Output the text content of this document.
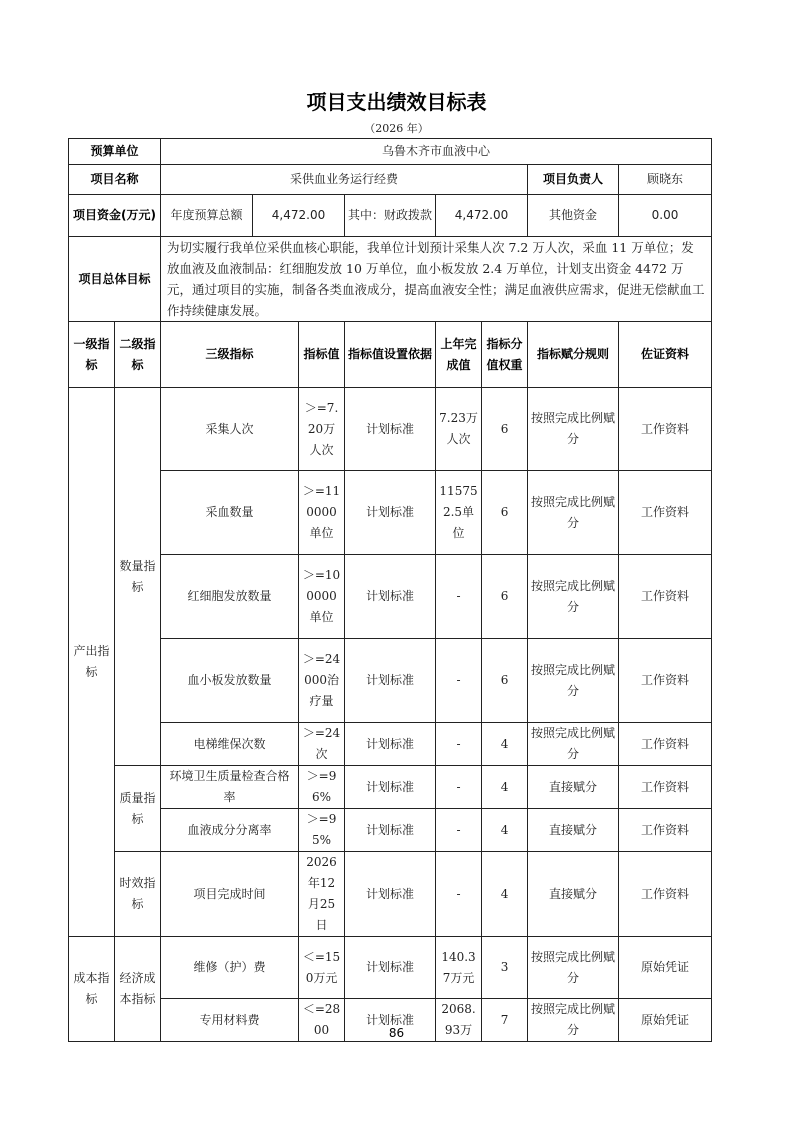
项目支出绩效目标表
（2026 年）
预算单位		乌鲁木齐市血液中心							
项目名称		采供血业务运行经费						项目负责人	顾晓东
项目资金(万元)		年度预算总额	4,472.00		其中：财政拨款	4,472.00		其他资金	0.00
项目总体目标		为切实履行我单位采供血核心职能，我单位计划预计采集人次 7.2 万人次，采血 11 万单位；发放血液及血液制品：红细胞发放 10 万单位，血小板发放 2.4 万单位，计划支出资金 4472 万元，通过项目的实施，制备各类血液成分，提高血液安全性；满足血液供应需求，促进无偿献血工作持续健康发展。							
一级指标	二级指标	三级指标		指标值	指标值设置依据	上年完成值	指标分值权重	指标赋分规则	佐证资料
产出指标	数量指标	采集人次		＞=7.20万人次	计划标准	7.23万人次	6	按照完成比例赋分	工作资料
		采血数量		＞=110000单位	计划标准	115752.5单位	6	按照完成比例赋分	工作资料
		红细胞发放数量		＞=100000单位	计划标准	-	6	按照完成比例赋分	工作资料
		血小板发放数量		＞=24000治疗量	计划标准	-	6	按照完成比例赋分	工作资料
		电梯维保次数		＞=24次	计划标准	-	4	按照完成比例赋分	工作资料
	质量指标	环境卫生质量检查合格率		＞=96%	计划标准	-	4	直接赋分	工作资料
		血液成分分离率		＞=95%	计划标准	-	4	直接赋分	工作资料
	时效指标	项目完成时间		2026年12月25日	计划标准	-	4	直接赋分	工作资料
成本指标	经济成本指标	维修（护）费		＜=150万元	计划标准	140.37万元	3	按照完成比例赋分	原始凭证
		专用材料费		＜=2800	计划标准	2068.93万	7	按照完成比例赋分	原始凭证
86
